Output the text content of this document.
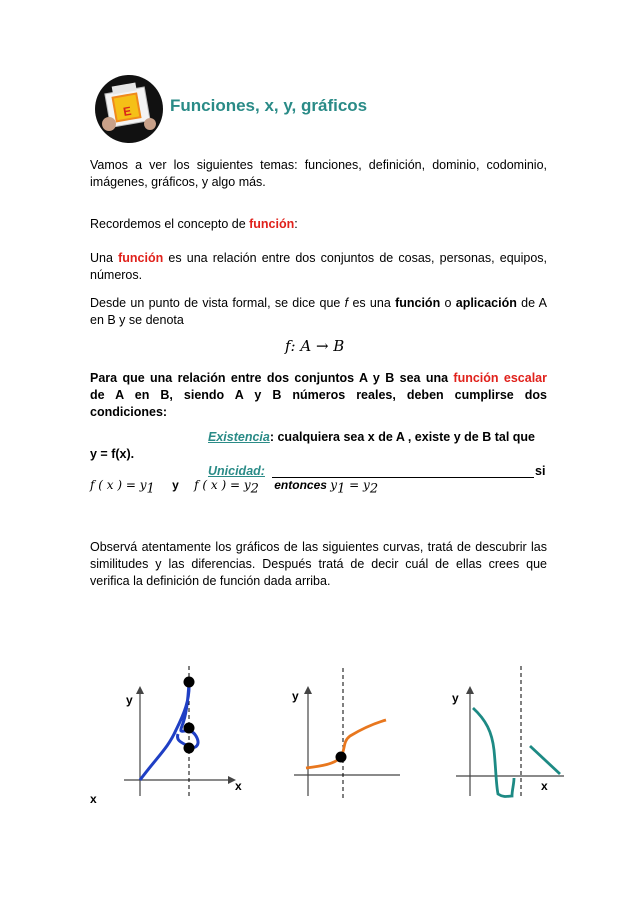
E Funciones, x, y, gráficos
Vamos a ver los siguientes temas: funciones, definición, dominio, codominio, imágenes, gráficos, y algo más.
Recordemos el concepto de función:
Una función es una relación entre dos conjuntos de cosas, personas, equipos, números.
Desde un punto de vista formal, se dice que f es una función o aplicación de A en B y se denota
f: A → B
Para que una relación entre dos conjuntos A y B sea una función escalar
de A en B, siendo A y B números reales, deben cumplirse dos
condiciones:
Existencia: cualquiera sea x de A , existe y de B tal que
y = f(x).
Unicidad:	si
f ( x ) = $y_1$ y f ( x ) = $y_2$ entonces $y_1 = y_2$
Observá atentamente los gráficos de las siguientes curvas, tratá de descubrir las similitudes y las diferencias. Después tratá de decir cuál de ellas crees que verifica la definición de función dada arriba.
y
x
x
y	y
x
